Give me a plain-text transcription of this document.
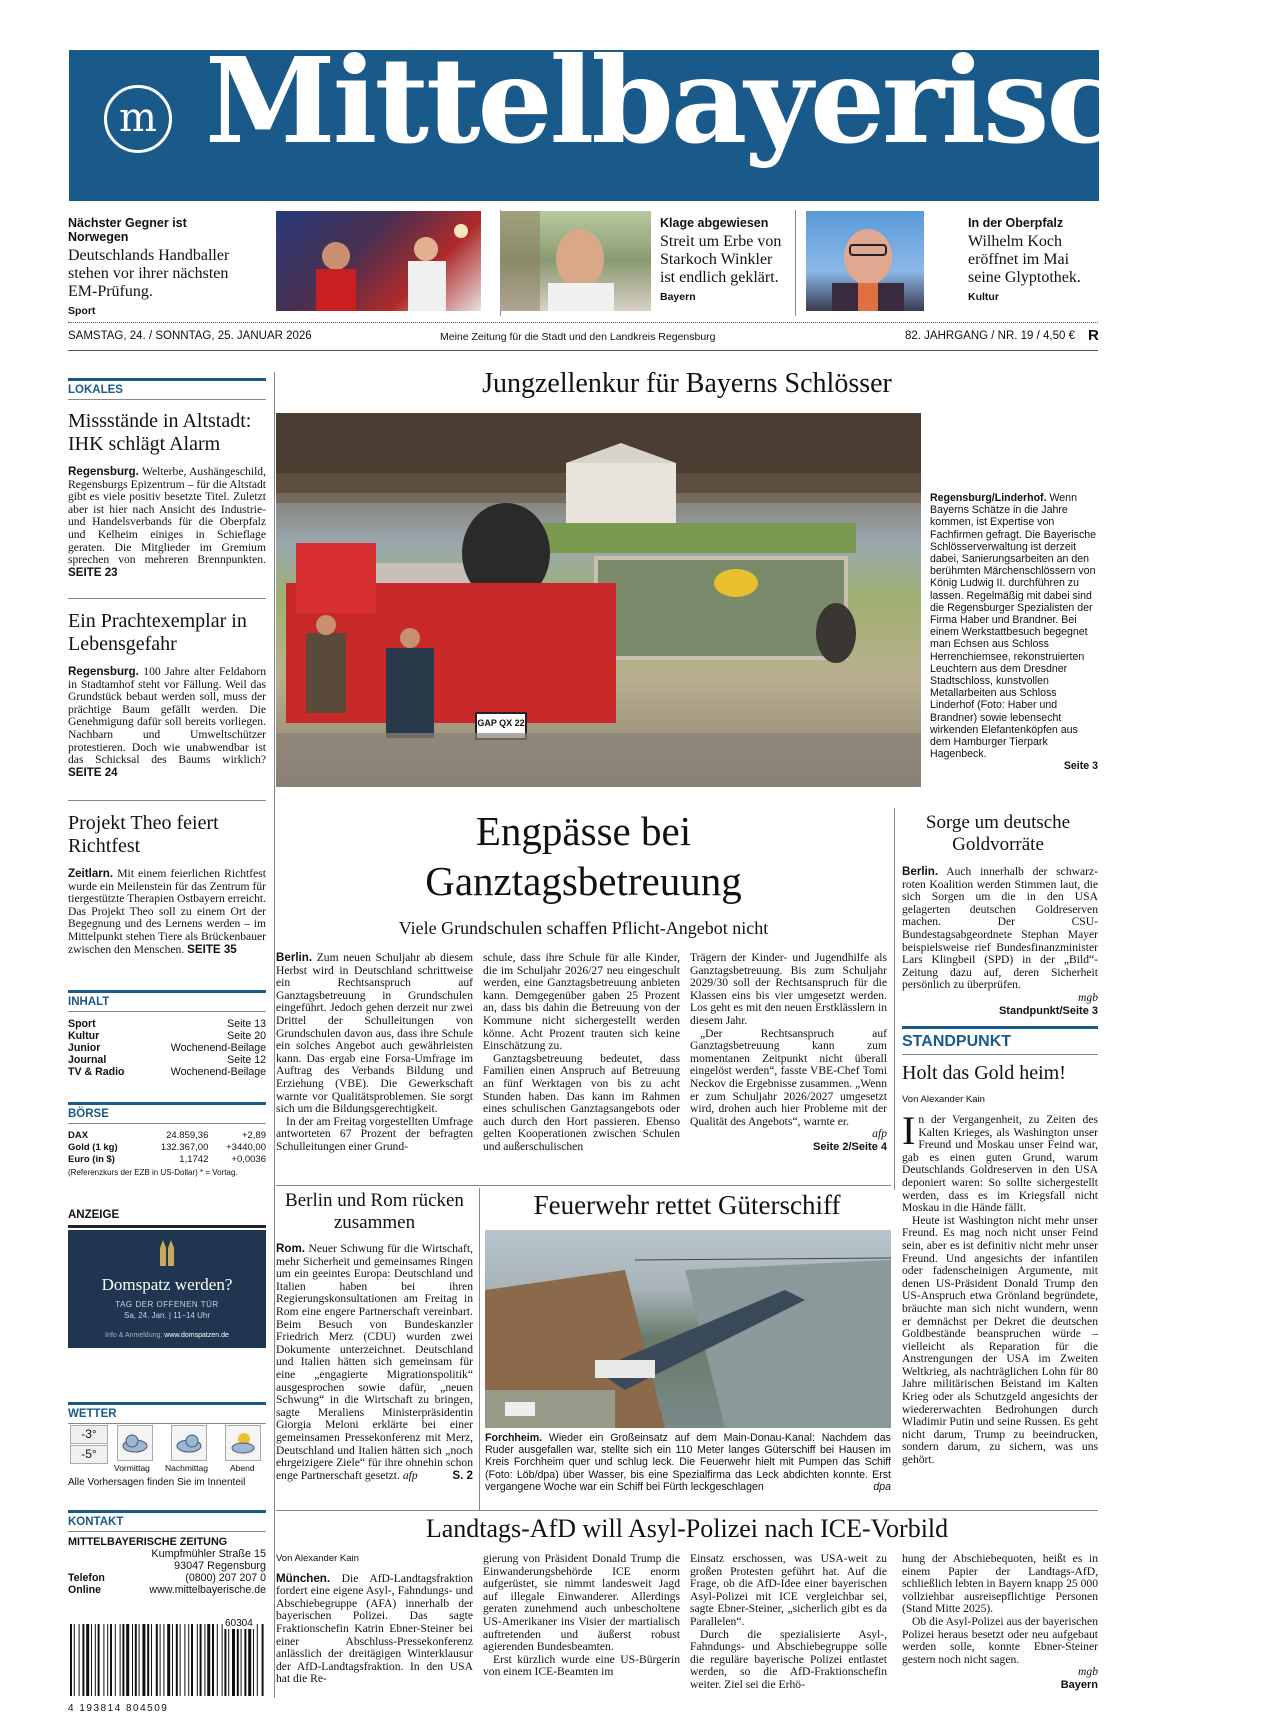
m Mittelbayerische
Nächster Gegner ist Norwegen
Deutschlands Handballer stehen vor ihrer nächsten EM-Prüfung.
Sport
Klage abgewiesen
Streit um Erbe von Starkoch Winkler ist endlich geklärt.
Bayern
In der Oberpfalz
Wilhelm Koch eröffnet im Mai seine Glyptothek.
Kultur
SAMSTAG, 24. / SONNTAG, 25. JANUAR 2026	Meine Zeitung für die Stadt und den Landkreis Regensburg	82. JAHRGANG / NR. 19 / 4,50 € R
LOKALES
Missstände in Altstadt: IHK schlägt Alarm
Regensburg. Welterbe, Aushängeschild, Regensburgs Epizentrum – für die Altstadt gibt es viele positiv besetzte Titel. Zuletzt aber ist hier nach Ansicht des Industrie- und Handelsverbands für die Oberpfalz und Kelheim einiges in Schieflage geraten. Die Mitglieder im Gremium sprechen von mehreren Brennpunkten. SEITE 23
Ein Prachtexemplar in Lebensgefahr
Regensburg. 100 Jahre alter Feldahorn in Stadtamhof steht vor Fällung. Weil das Grundstück bebaut werden soll, muss der prächtige Baum gefällt werden. Die Genehmigung dafür soll bereits vorliegen. Nachbarn und Umweltschützer protestieren. Doch wie unabwendbar ist das Schicksal des Baums wirklich? SEITE 24
Projekt Theo feiert Richtfest
Zeitlarn. Mit einem feierlichen Richtfest wurde ein Meilenstein für das Zentrum für tiergestützte Therapien Ostbayern erreicht. Das Projekt Theo soll zu einem Ort der Begegnung und des Lernens werden – im Mittelpunkt stehen Tiere als Brückenbauer zwischen den Menschen. SEITE 35
INHALT
Sport	Seite 13
Kultur	Seite 20
Junior	Wochenend-Beilage
Journal	Seite 12
TV & Radio	Wochenend-Beilage
BÖRSE
DAX	24.859,36	+2,89
Gold (1 kg)	132.367,00	+3440,00
Euro (in $)	1,1742	+0,0036
(Referenzkurs der EZB in US-Dollar) * = Vortag.
ANZEIGE
Domspatz werden?
TAG DER OFFENEN TÜR
Sa, 24. Jan. | 11–14 Uhr
Info & Anmeldung: www.domspatzen.de
WETTER
-3°
-5°
Vormittag Nachmittag	Abend
Alle Vorhersagen finden Sie im Innenteil
KONTAKT
MITTELBAYERISCHE ZEITUNG
Kumpfmühler Straße 15
93047 Regensburg
Telefon	(0800) 207 207 0
Online	www.mittelbayerische.de
60304
4 193814 804509
Jungzellenkur für Bayerns Schlösser
GAP QX 22
Regensburg/Linderhof. Wenn Bayerns Schätze in die Jahre kommen, ist Expertise von Fachfirmen gefragt. Die Bayerische Schlösserverwaltung ist derzeit dabei, Sanierungsarbeiten an den berühmten Märchenschlössern von König Ludwig II. durchführen zu lassen. Regelmäßig mit dabei sind die Regensburger Spezialisten der Firma Haber und Brandner. Bei einem Werkstattbesuch begegnet man Echsen aus Schloss Herrenchiemsee, rekonstruierten Leuchtern aus dem Dresdner Stadtschloss, kunstvollen Metallarbeiten aus Schloss Linderhof (Foto: Haber und Brandner) sowie lebensecht wirkenden Elefantenköpfen aus dem Hamburger Tierpark Hagenbeck.
Seite 3
Engpässe bei
Ganztagsbetreuung
Viele Grundschulen schaffen Pflicht-Angebot nicht
Berlin. Zum neuen Schuljahr ab diesem Herbst wird in Deutschland schrittweise ein Rechtsanspruch auf Ganztagsbetreuung in Grundschulen eingeführt. Jedoch gehen derzeit nur zwei Drittel der Schulleitungen von Grundschulen davon aus, dass ihre Schule ein solches Angebot auch gewährleisten kann. Das ergab eine Forsa-Umfrage im Auftrag des Verbands Bildung und Erziehung (VBE). Die Gewerkschaft warnte vor Qualitätsproblemen. Sie sorgt sich um die Bildungsgerechtigkeit.
In der am Freitag vorgestellten Umfrage antworteten 67 Prozent der befragten Schulleitungen einer Grund-
schule, dass ihre Schule für alle Kinder, die im Schuljahr 2026/27 neu eingeschult werden, eine Ganztagsbetreuung anbieten kann. Demgegenüber gaben 25 Prozent an, dass bis dahin die Betreuung von der Kommune nicht sichergestellt werden könne. Acht Prozent trauten sich keine Einschätzung zu.
Ganztagsbetreuung bedeutet, dass Familien einen Anspruch auf Betreuung an fünf Werktagen von bis zu acht Stunden haben. Das kann im Rahmen eines schulischen Ganztagsangebots oder auch durch den Hort passieren. Ebenso gelten Kooperationen zwischen Schulen und außerschulischen
Trägern der Kinder- und Jugendhilfe als Ganztagsbetreuung. Bis zum Schuljahr 2029/30 soll der Rechtsanspruch für die Klassen eins bis vier umgesetzt werden. Los geht es mit den neuen Erstklässlern in diesem Jahr.
„Der Rechtsanspruch auf Ganztagsbetreuung kann zum momentanen Zeitpunkt nicht überall eingelöst werden“, fasste VBE-Chef Tomi Neckov die Ergebnisse zusammen. „Wenn er zum Schuljahr 2026/2027 umgesetzt wird, drohen auch hier Probleme mit der Qualität des Angebots“, warnte er.
afp
Seite 2/Seite 4
Sorge um deutsche Goldvorräte
Berlin. Auch innerhalb der schwarz-roten Koalition werden Stimmen laut, die sich Sorgen um die in den USA gelagerten deutschen Goldreserven machen. Der CSU-Bundestagsabgeordnete Stephan Mayer beispielsweise rief Bundesfinanzminister Lars Klingbeil (SPD) in der „Bild“-Zeitung dazu auf, deren Sicherheit persönlich zu überprüfen.
mgb
Standpunkt/Seite 3
STANDPUNKT
Holt das Gold heim!
Von Alexander Kain
In der Vergangenheit, zu Zeiten des Kalten Krieges, als Washington unser Freund und Moskau unser Feind war, gab es einen guten Grund, warum Deutschlands Goldreserven in den USA deponiert waren: So sollte sichergestellt werden, dass es im Kriegsfall nicht Moskau in die Hände fällt.
Heute ist Washington nicht mehr unser Freund. Es mag noch nicht unser Feind sein, aber es ist definitiv nicht mehr unser Freund. Und angesichts der infantilen oder fadenscheinigen Argumente, mit denen US-Präsident Donald Trump den US-Anspruch etwa Grönland begründete, bräuchte man sich nicht wundern, wenn er demnächst per Dekret die deutschen Goldbestände beanspruchen würde – vielleicht als Reparation für die Anstrengungen der USA im Zweiten Weltkrieg, als nachträglichen Lohn für 80 Jahre militärischen Beistand im Kalten Krieg oder als Schutzgeld angesichts der wiedererwachten Bedrohungen durch Wladimir Putin und seine Russen. Es geht nicht darum, Trump zu beeindrucken, sondern darum, zu sichern, was uns gehört.
Berlin und Rom rücken zusammen
Rom. Neuer Schwung für die Wirtschaft, mehr Sicherheit und gemeinsames Ringen um ein geeintes Europa: Deutschland und Italien haben bei ihren Regierungskonsultationen am Freitag in Rom eine engere Partnerschaft vereinbart. Beim Besuch von Bundeskanzler Friedrich Merz (CDU) wurden zwei Dokumente unterzeichnet. Deutschland und Italien hätten sich gemeinsam für eine „engagierte Migrationspolitik“ ausgesprochen sowie dafür, „neuen Schwung“ in die Wirtschaft zu bringen, sagte Meraliens Ministerpräsidentin Giorgia Meloni erklärte bei einer gemeinsamen Pressekonferenz mit Merz, Deutschland und Italien hätten sich „noch ehrgeizigere Ziele“ für ihre ohnehin schon enge Partnerschaft gesetzt. afp	S. 2
Feuerwehr rettet Güterschiff
Forchheim. Wieder ein Großeinsatz auf dem Main-Donau-Kanal: Nachdem das Ruder ausgefallen war, stellte sich ein 110 Meter langes Güterschiff bei Hausen im Kreis Forchheim quer und schlug leck. Die Feuerwehr hielt mit Pumpen das Schiff (Foto: Löb/dpa) über Wasser, bis eine Spezialfirma das Leck abdichten konnte. Erst vergangene Woche war ein Schiff bei Fürth leckgeschlagen	dpa
Landtags-AfD will Asyl-Polizei nach ICE-Vorbild
Von Alexander Kain
München. Die AfD-Landtagsfraktion fordert eine eigene Asyl-, Fahndungs- und Abschiebegruppe (AFA) innerhalb der bayerischen Polizei. Das sagte Fraktionschefin Katrin Ebner-Steiner bei einer Abschluss-Pressekonferenz anlässlich der dreitägigen Winterklausur der AfD-Landtagsfraktion. In den USA hat die Re-
gierung von Präsident Donald Trump die Einwanderungsbehörde ICE enorm aufgerüstet, sie nimmt landesweit Jagd auf illegale Einwanderer. Allerdings geraten zunehmend auch unbescholtene US-Amerikaner ins Visier der martialisch auftretenden und äußerst robust agierenden Bundesbeamten.
Erst kürzlich wurde eine US-Bürgerin von einem ICE-Beamten im
Einsatz erschossen, was USA-weit zu großen Protesten geführt hat. Auf die Frage, ob die AfD-Idee einer bayerischen Asyl-Polizei mit ICE vergleichbar sei, sagte Ebner-Steiner, „sicherlich gibt es da Parallelen“.
Durch die spezialisierte Asyl-, Fahndungs- und Abschiebegruppe solle die reguläre bayerische Polizei entlastet werden, so die AfD-Fraktionschefin weiter. Ziel sei die Erhö-
hung der Abschiebequoten, heißt es in einem Papier der Landtags-AfD, schließlich lebten in Bayern knapp 25 000 vollziehbar ausreisepflichtige Personen (Stand Mitte 2025).
Ob die Asyl-Polizei aus der bayerischen Polizei heraus besetzt oder neu aufgebaut werden solle, konnte Ebner-Steiner gestern noch nicht sagen.
mgb
Bayern
